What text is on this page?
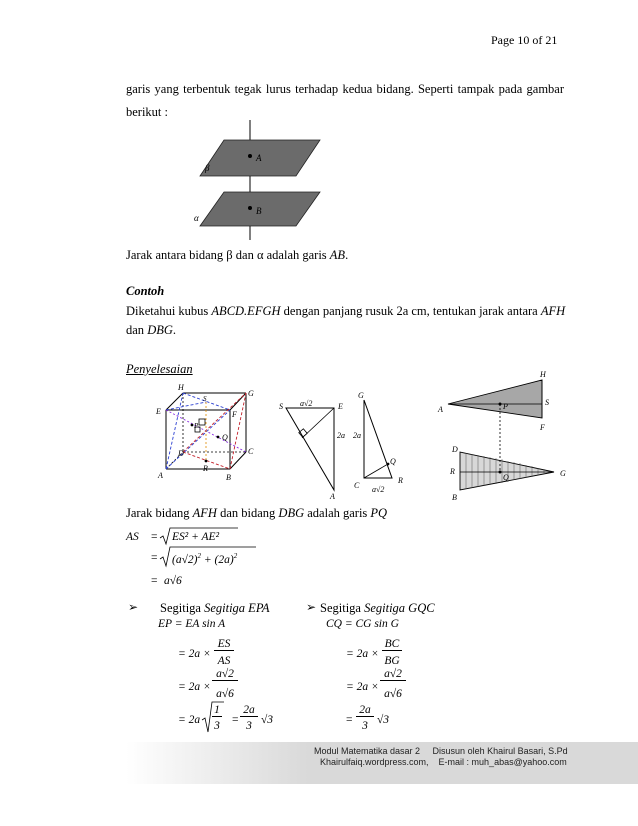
Page 10 of 21
garis yang terbentuk tegak lurus terhadap kedua bidang. Seperti tampak pada gambar
berikut :
A
B
β
α
Jarak antara bidang β dan α adalah garis AB.
Contoh
Diketahui kubus ABCD.EFGH dengan panjang rusuk 2a cm, tentukan jarak antara AFH
dan DBG.
Penyelesaian
H
G
E	F
S
P
Q
D	C
R
A	B
S	E
A
a√2
G
Q
R
C
2a 2a
a√2
H
S
A	P
F
D
R
Q
B
G
Jarak bidang AFH dan bidang DBG adalah garis PQ
AS = ES² + AE²
= $(a√2)^2 + (2a)^2$
= a√6
➢ Segitiga Segitiga EPA
EP = EA sin A
= 2a ×
ES
AS
= 2a ×
a√2
a√6
= 2a
1
3 =
2a
3 √3
➢ Segitiga Segitiga GQC
CQ = CG sin G
= 2a ×
BC
BG
= 2a ×
a√2
a√6
=
2a
3 √3
Modul Matematika dasar 2     Disusun oleh Khairul Basari, S.Pd
Khairulfaiq.wordpress.com,    E-mail : muh_abas@yahoo.com
